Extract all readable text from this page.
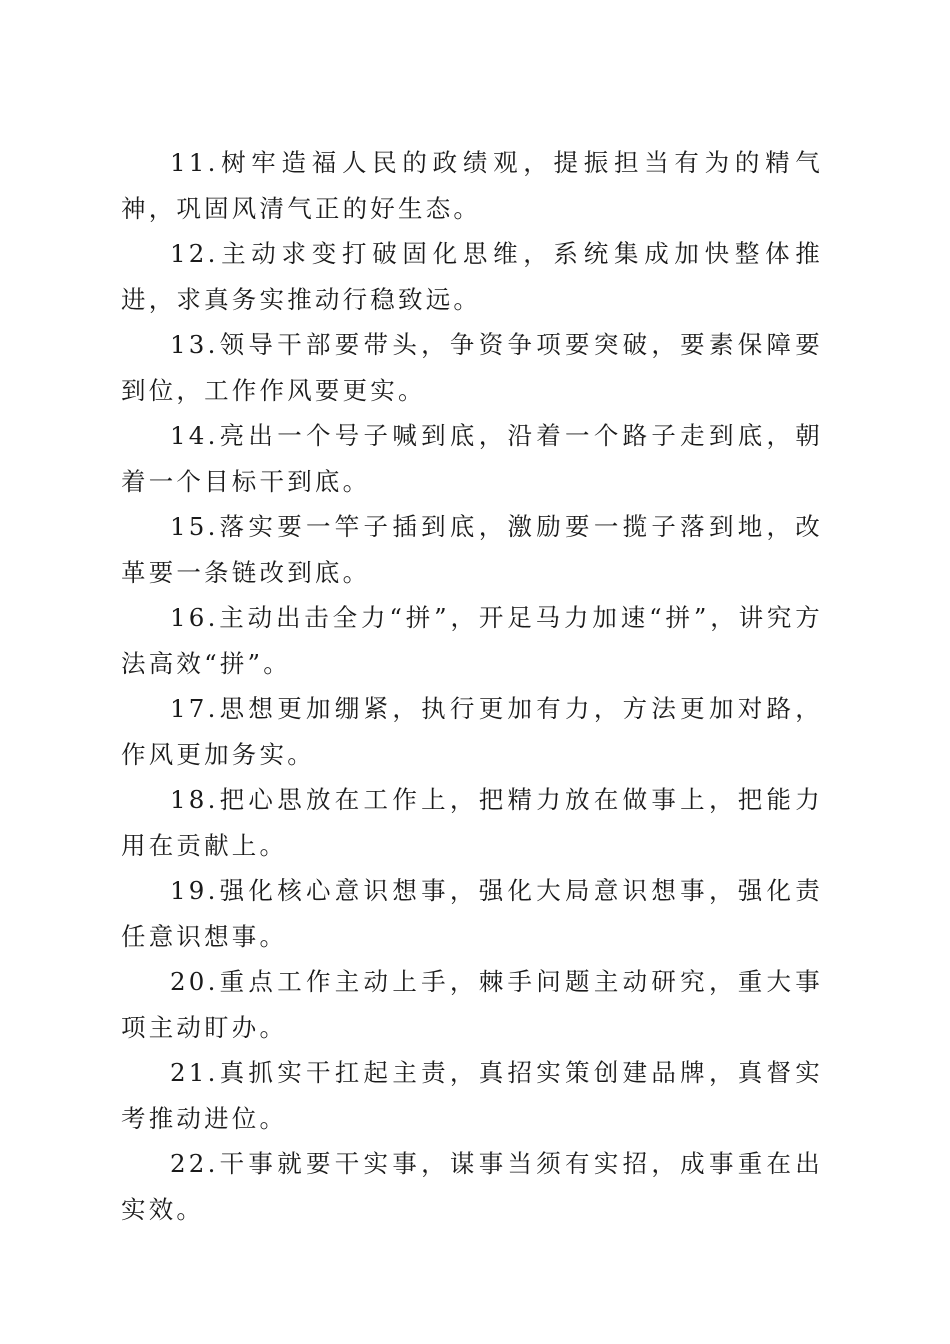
11.树牢造福人民的政绩观，提振担当有为的精气神，巩固风清气正的好生态。

12.主动求变打破固化思维，系统集成加快整体推进，求真务实推动行稳致远。

13.领导干部要带头，争资争项要突破，要素保障要到位，工作作风要更实。

14.亮出一个号子喊到底，沿着一个路子走到底，朝着一个目标干到底。

15.落实要一竿子插到底，激励要一揽子落到地，改革要一条链改到底。

16.主动出击全力“拼”，开足马力加速“拼”，讲究方法高效“拼”。

17.思想更加绷紧，执行更加有力，方法更加对路，作风更加务实。

18.把心思放在工作上，把精力放在做事上，把能力用在贡献上。

19.强化核心意识想事，强化大局意识想事，强化责任意识想事。

20.重点工作主动上手，棘手问题主动研究，重大事项主动盯办。

21.真抓实干扛起主责，真招实策创建品牌，真督实考推动进位。

22.干事就要干实事，谋事当须有实招，成事重在出实效。
